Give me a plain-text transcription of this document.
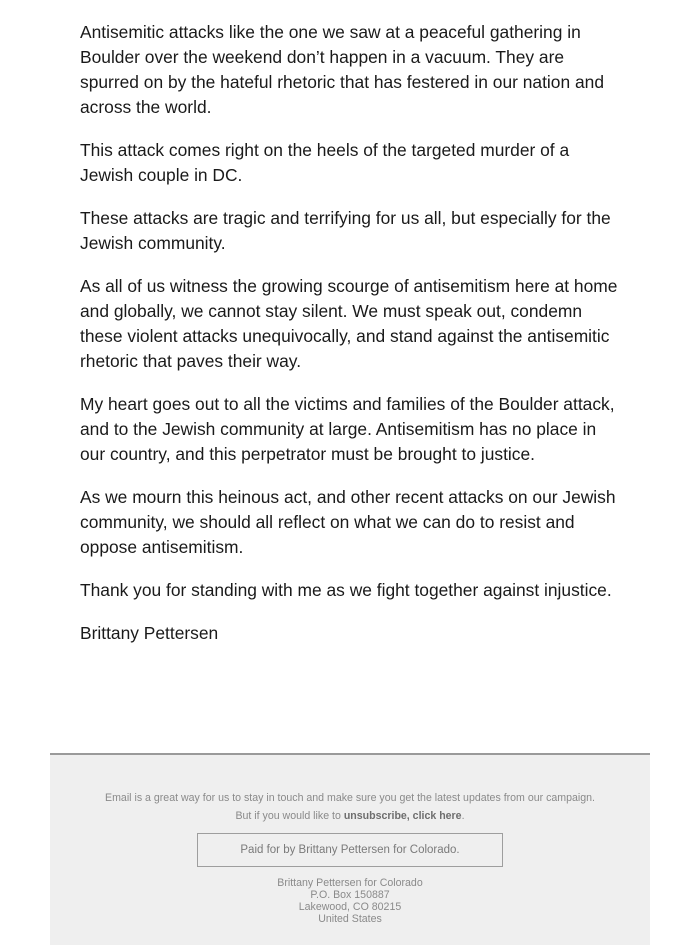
Antisemitic attacks like the one we saw at a peaceful gathering in Boulder over the weekend don’t happen in a vacuum. They are spurred on by the hateful rhetoric that has festered in our nation and across the world.

This attack comes right on the heels of the targeted murder of a Jewish couple in DC.

These attacks are tragic and terrifying for us all, but especially for the Jewish community.

As all of us witness the growing scourge of antisemitism here at home and globally, we cannot stay silent. We must speak out, condemn these violent attacks unequivocally, and stand against the antisemitic rhetoric that paves their way.

My heart goes out to all the victims and families of the Boulder attack, and to the Jewish community at large. Antisemitism has no place in our country, and this perpetrator must be brought to justice.

As we mourn this heinous act, and other recent attacks on our Jewish community, we should all reflect on what we can do to resist and oppose antisemitism.

Thank you for standing with me as we fight together against injustice.

Brittany Pettersen

Email is a great way for us to stay in touch and make sure you get the latest updates from our campaign.
But if you would like to unsubscribe, click here.
Paid for by Brittany Pettersen for Colorado.
Brittany Pettersen for Colorado
P.O. Box 150887
Lakewood, CO 80215
United States
